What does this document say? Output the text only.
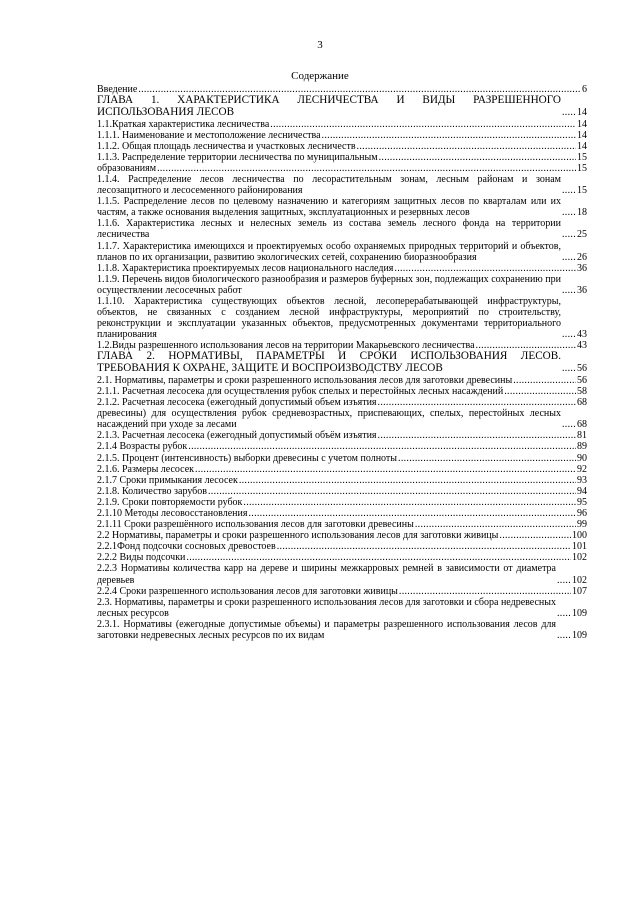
3
Содержание
Введение .....	6
ГЛАВА 1. ХАРАКТЕРИСТИКА ЛЕСНИЧЕСТВА И ВИДЫ РАЗРЕШЕННОГО ИСПОЛЬЗОВАНИЯ ЛЕСОВ .....	14
1.1.Краткая характеристика лесничества .....	14
1.1.1. Наименование и местоположение лесничества .....	14
1.1.2. Общая площадь лесничества и участковых лесничеств .....	14
1.1.3. Распределение территории лесничества по муниципальным .....	15
образованиям .....	15
1.1.4. Распределение лесов лесничества по лесорастительным зонам, лесным районам и зонам лесозащитного и лесосеменного районирования .....	15
1.1.5. Распределение лесов по целевому назначению и категориям защитных лесов по кварталам или их частям, а также основания выделения защитных, эксплуатационных и резервных лесов .....	18
1.1.6. Характеристика лесных и нелесных земель из состава земель лесного фонда на территории лесничества .....	25
1.1.7. Характеристика имеющихся и проектируемых особо охраняемых природных территорий и объектов, планов по их организации, развитию экологических сетей, сохранению биоразнообразия .....	26
1.1.8. Характеристика проектируемых лесов национального наследия .....	36
1.1.9. Перечень видов биологического разнообразия и размеров буферных зон, подлежащих сохранению при осуществлении лесосечных работ .....	36
1.1.10. Характеристика существующих объектов лесной, лесоперерабатывающей инфраструктуры, объектов, не связанных с созданием лесной инфраструктуры, мероприятий по строительству, реконструкции и эксплуатации указанных объектов, предусмотренных документами территориального планирования .....	43
1.2.Виды разрешенного использования лесов на территории Макарьевского лесничества .....	43
ГЛАВА 2. НОРМАТИВЫ, ПАРАМЕТРЫ И СРОКИ ИСПОЛЬЗОВАНИЯ ЛЕСОВ. ТРЕБОВАНИЯ К ОХРАНЕ, ЗАЩИТЕ И ВОСПРОИЗВОДСТВУ ЛЕСОВ .....	56
2.1. Нормативы, параметры и сроки разрешенного использования лесов для заготовки древесины .....	56
2.1.1. Расчетная лесосека для осуществления рубок спелых и перестойных лесных насаждений .....	58
2.1.2. Расчетная лесосека (ежегодный допустимый объем изъятия .....	68
древесины) для осуществления рубок средневозрастных, приспевающих, спелых, перестойных лесных насаждений при уходе за лесами .....	68
2.1.3. Расчетная лесосека (ежегодный допустимый объём изъятия .....	81
2.1.4 Возрасты рубок .....	89
2.1.5. Процент (интенсивность) выборки древесины с учетом полноты .....	90
2.1.6. Размеры лесосек .....	92
2.1.7 Сроки примыкания лесосек .....	93
2.1.8. Количество зарубов .....	94
2.1.9. Сроки повторяемости рубок .....	95
2.1.10 Методы лесовосстановления .....	96
2.1.11 Сроки разрешённого использования лесов для заготовки древесины .....	99
2.2 Нормативы, параметры и сроки разрешенного использования лесов для заготовки живицы .....	100
2.2.1Фонд подсочки сосновых древостоев .....	101
2.2.2 Виды подсочки .....	102
2.2.3 Нормативы количества карр на дереве и ширины межкарровых ремней в зависимости от диаметра деревьев .....	102
2.2.4 Сроки разрешенного использования лесов для заготовки живицы .....	107
2.3. Нормативы, параметры и сроки разрешенного использования лесов для заготовки и сбора недревесных лесных ресурсов .....	109
2.3.1. Нормативы (ежегодные допустимые объемы) и параметры разрешенного использования лесов для заготовки недревесных лесных ресурсов по их видам .....	109
